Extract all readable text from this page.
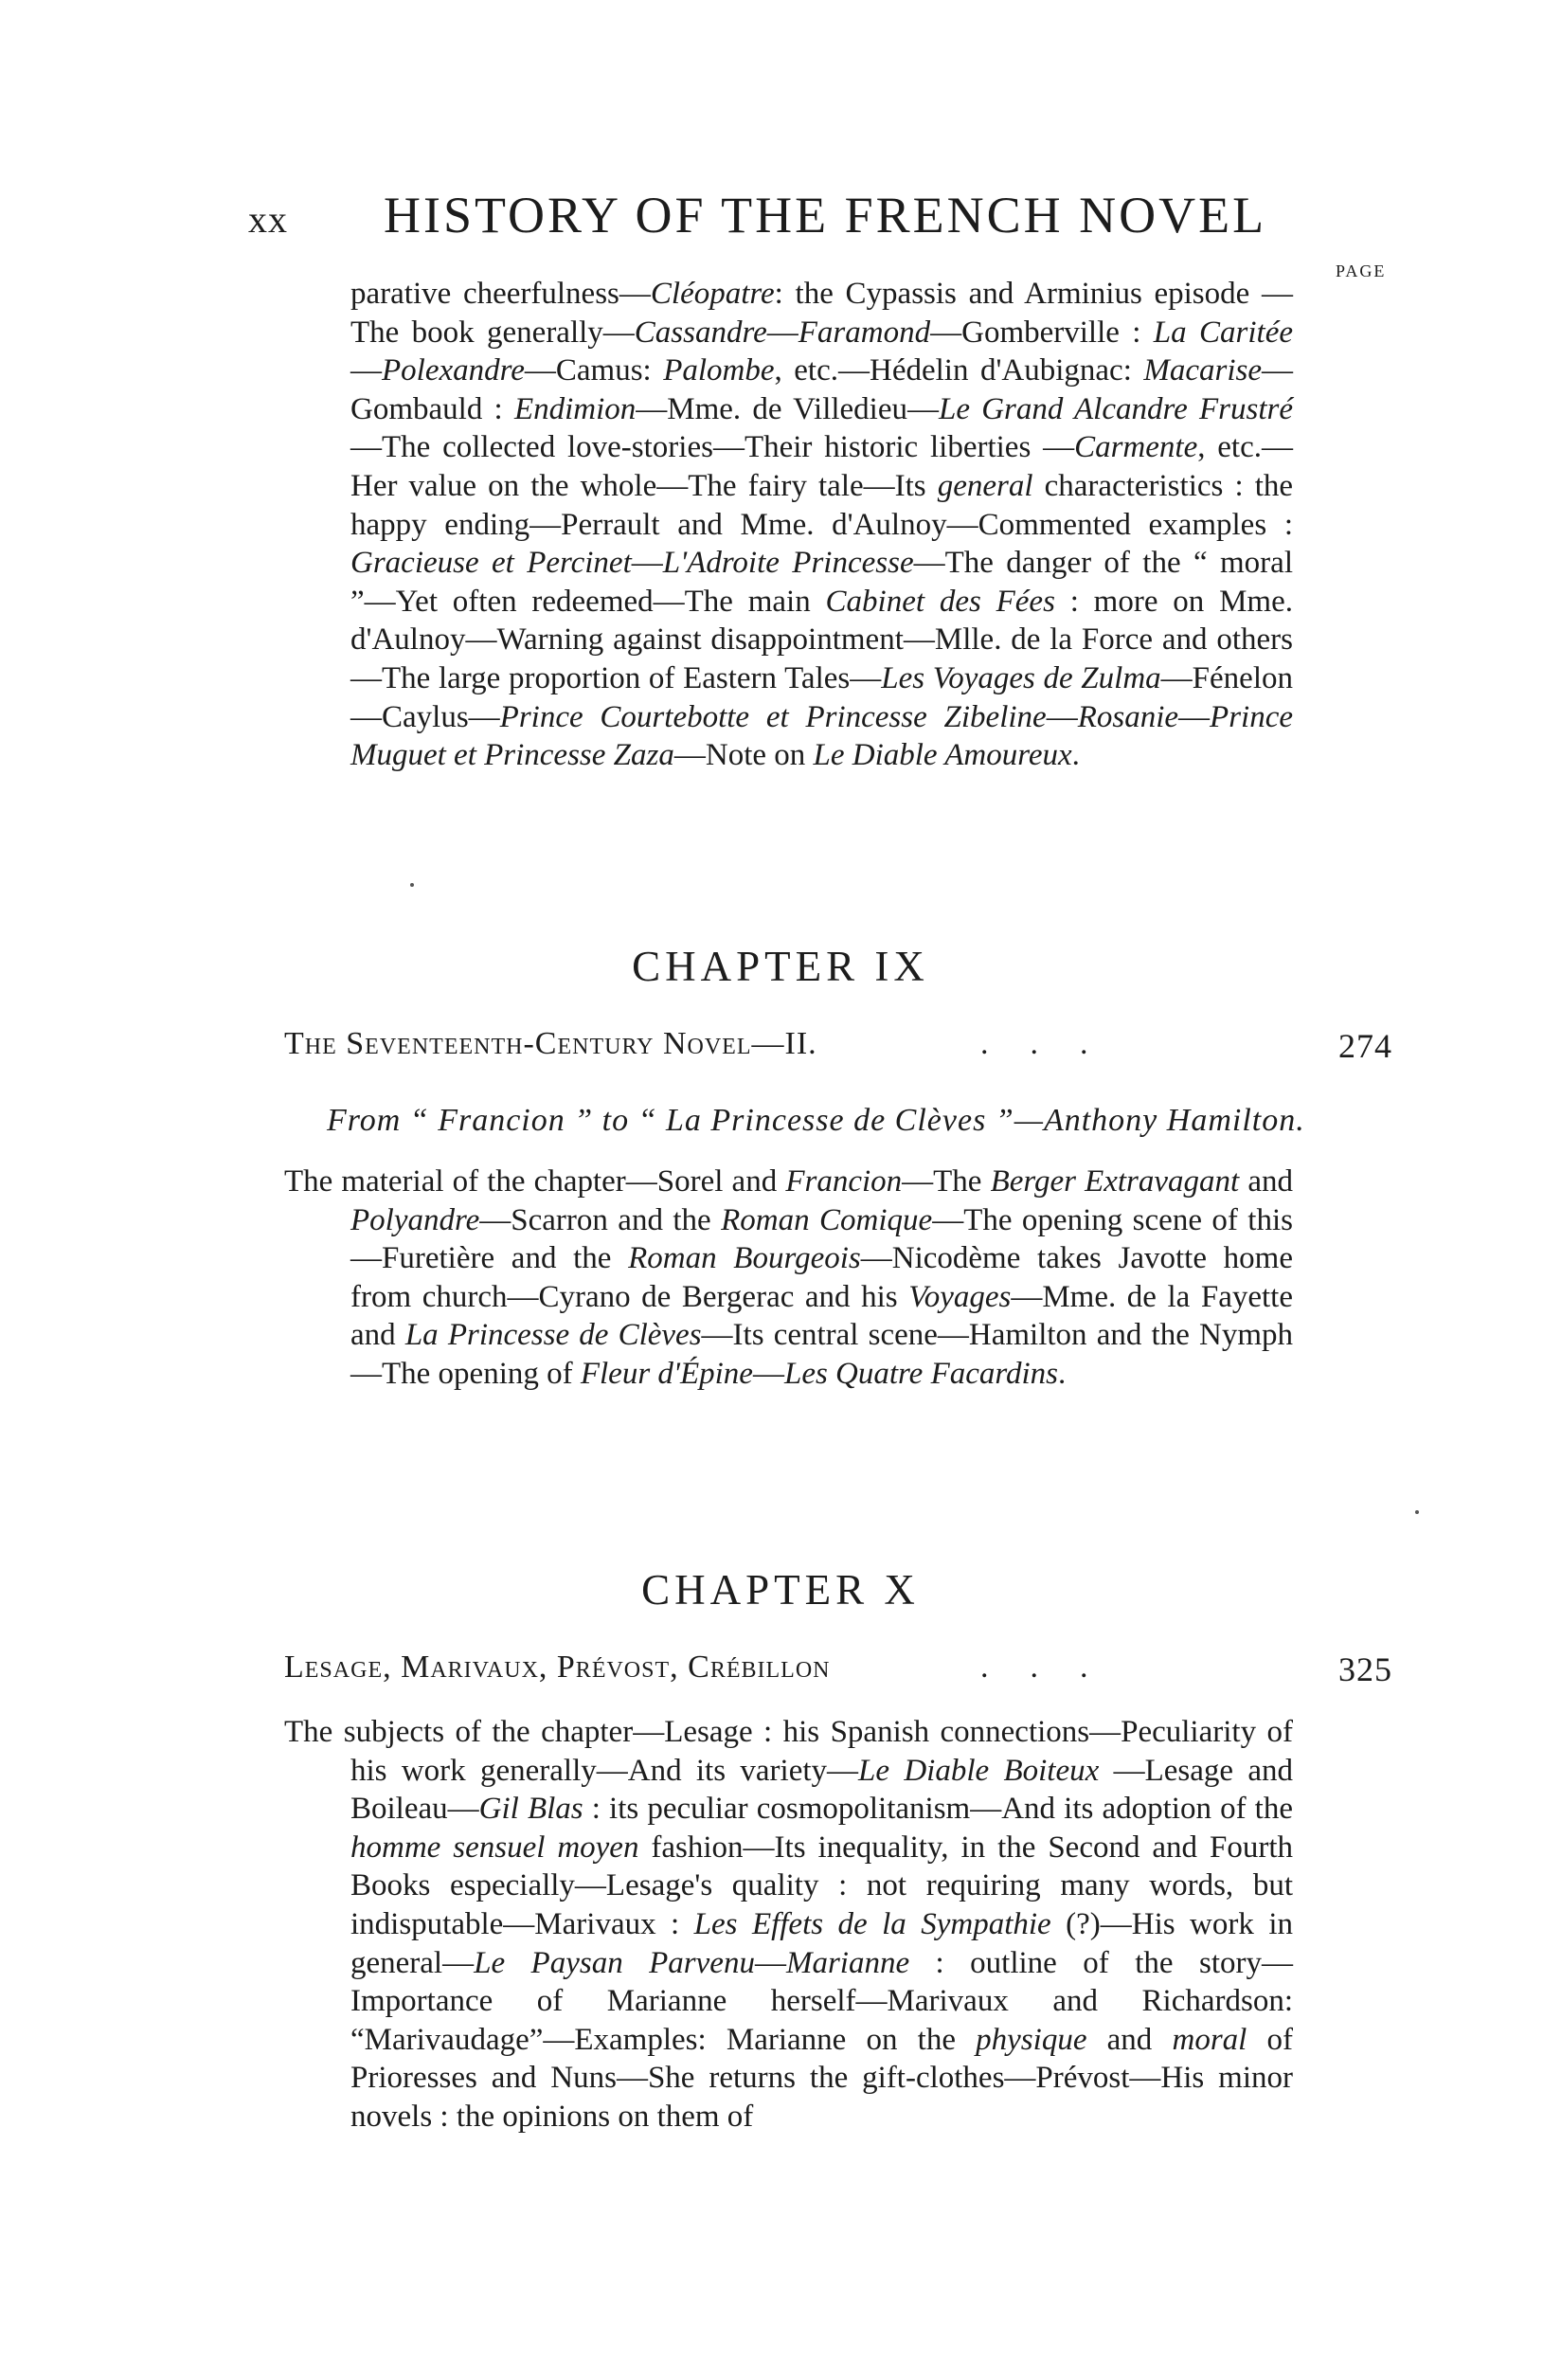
xx HISTORY OF THE FRENCH NOVEL
PAGE

parative cheerfulness—Cléopatre: the Cypassis and Arminius episode —The book generally—Cassandre—Faramond—Gomberville : La Caritée—Polexandre—Camus: Palombe, etc.—Hédelin d'Aubignac: Macarise—Gombauld : Endimion—Mme. de Villedieu—Le Grand Alcandre Frustré—The collected love-stories—Their historic liberties —Carmente, etc.—Her value on the whole—The fairy tale—Its general characteristics : the happy ending—Perrault and Mme. d'Aulnoy—Commented examples : Gracieuse et Percinet—L'Adroite Princesse—The danger of the “ moral ”—Yet often redeemed—The main Cabinet des Fées : more on Mme. d'Aulnoy—Warning against disappointment—Mlle. de la Force and others—The large proportion of Eastern Tales—Les Voyages de Zulma—Fénelon—Caylus—Prince Courtebotte et Princesse Zibeline—Rosanie—Prince Muguet et Princesse Zaza—Note on Le Diable Amoureux.

CHAPTER IX
The Seventeenth-Century Novel—II.	...	274
From “ Francion ” to “ La Princesse de Clèves ”—Anthony Hamilton.

The material of the chapter—Sorel and Francion—The Berger Extravagant and Polyandre—Scarron and the Roman Comique—The opening scene of this—Furetière and the Roman Bourgeois—Nicodème takes Javotte home from church—Cyrano de Bergerac and his Voyages—Mme. de la Fayette and La Princesse de Clèves—Its central scene—Hamilton and the Nymph—The opening of Fleur d'Épine—Les Quatre Facardins.

CHAPTER X
Lesage, Marivaux, Prévost, Crébillon	...	325

The subjects of the chapter—Lesage : his Spanish connections—Peculiarity of his work generally—And its variety—Le Diable Boiteux —Lesage and Boileau—Gil Blas : its peculiar cosmopolitanism—And its adoption of the homme sensuel moyen fashion—Its inequality, in the Second and Fourth Books especially—Lesage's quality : not requiring many words, but indisputable—Marivaux : Les Effets de la Sympathie (?)—His work in general—Le Paysan Parvenu—Marianne : outline of the story—Importance of Marianne herself—Marivaux and Richardson: “Marivaudage”—Examples: Marianne on the physique and moral of Prioresses and Nuns—She returns the gift-clothes—Prévost—His minor novels : the opinions on them of
